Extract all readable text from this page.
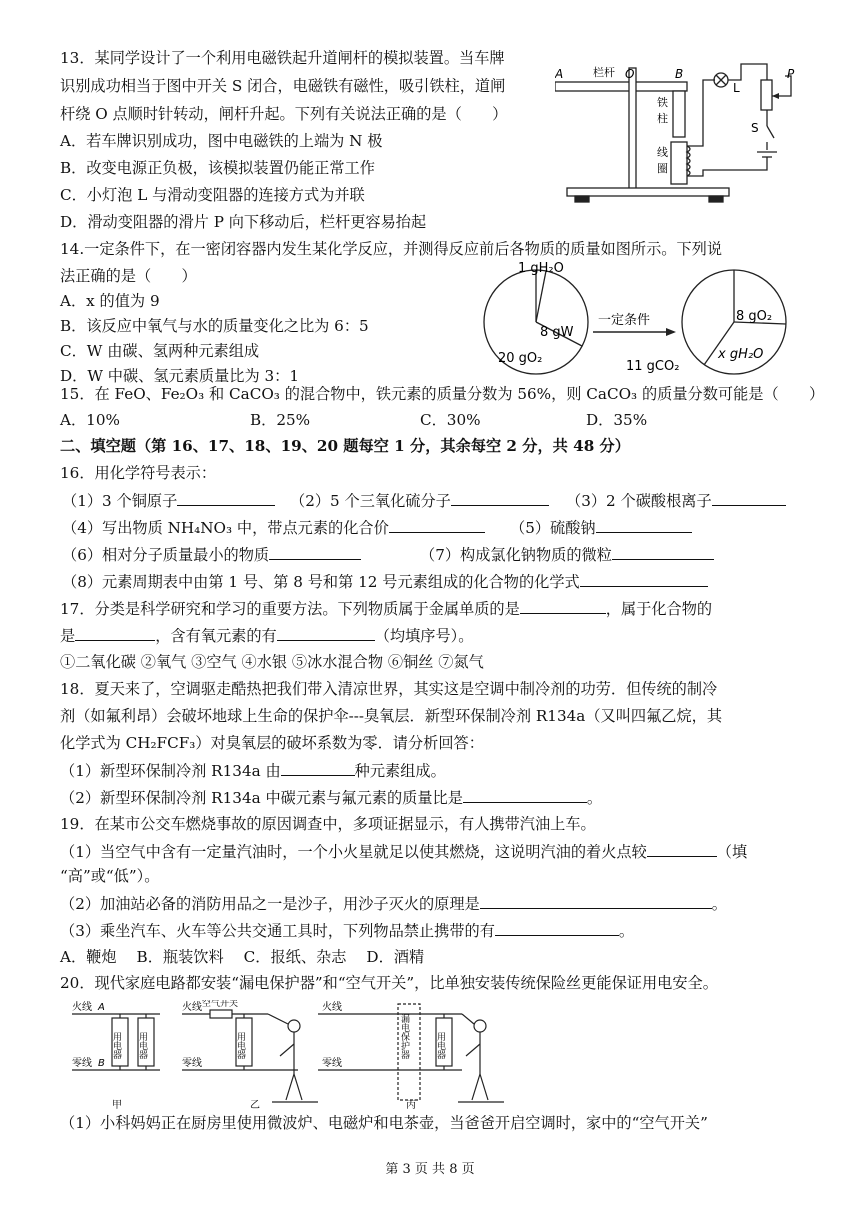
13．某同学设计了一个利用电磁铁起升道闸杆的模拟装置。当车牌
识别成功相当于图中开关 S 闭合，电磁铁有磁性，吸引铁柱，道闸
杆绕 O 点顺时针转动，闸杆升起。下列有关说法正确的是（　　）
A．若车牌识别成功，图中电磁铁的上端为 N 极
B．改变电源正负极，该模拟装置仍能正常工作
C．小灯泡 L 与滑动变阻器的连接方式为并联
D．滑动变阻器的滑片 P 向下移动后，栏杆更容易抬起
A	O	B
L
P
S
栏杆
铁
柱
线
圈
14.一定条件下，在一密闭容器内发生某化学反应，并测得反应前后各物质的质量如图所示。下列说
法正确的是（　　）
A．x 的值为 9
B．该反应中氧气与水的质量变化之比为 6：5
C．W 由碳、氢两种元素组成
D．W 中碳、氢元素质量比为 3：1
1 gH₂O
8 gW
20 gO₂
一定条件	8 gO₂
11 gCO₂
x gH₂O
15．在 FeO、Fe₂O₃ 和 CaCO₃ 的混合物中，铁元素的质量分数为 56%，则 CaCO₃ 的质量分数可能是（　　）
A．10%	B．25%	C．30%	D．35%
二、填空题（第 16、17、18、19、20 题每空 1 分，其余每空 2 分，共 48 分）
16．用化学符号表示：
（1）3 个铜原子	（2）5 个三氧化硫分子	（3）2 个碳酸根离子
（4）写出物质 NH₄NO₃ 中，带点元素的化合价	（5）硫酸钠
（6）相对分子质量最小的物质	（7）构成氯化钠物质的微粒
（8）元素周期表中由第 1 号、第 8 号和第 12 号元素组成的化合物的化学式
17．分类是科学研究和学习的重要方法。下列物质属于金属单质的是	，属于化合物的
是	，含有氧元素的有	（均填序号）。
①二氧化碳 ②氧气 ③空气 ④水银 ⑤冰水混合物 ⑥铜丝 ⑦氮气
18．夏天来了，空调驱走酷热把我们带入清凉世界，其实这是空调中制冷剂的功劳．但传统的制冷
剂（如氟利昂）会破坏地球上生命的保护伞---臭氧层．新型环保制冷剂 R134a（又叫四氟乙烷，其
化学式为 CH₂FCF₃）对臭氧层的破坏系数为零．请分析回答：
（1）新型环保制冷剂 R134a 由	种元素组成。
（2）新型环保制冷剂 R134a 中碳元素与氟元素的质量比是	。
19．在某市公交车燃烧事故的原因调查中，多项证据显示，有人携带汽油上车。
（1）当空气中含有一定量汽油时，一个小火星就足以使其燃烧，这说明汽油的着火点较	（填
“高”或“低”）。
（2）加油站必备的消防用品之一是沙子，用沙子灭火的原理是	。
（3）乘坐汽车、火车等公共交通工具时，下列物品禁止携带的有	。
A．鞭炮　 B．瓶装饮料　 C．报纸、杂志　 D．酒精
20．现代家庭电路都安装“漏电保护器”和“空气开关”，比单独安装传统保险丝更能保证用电安全。
火线
零线
A
B
用电器 用电器
火线 空气开关
零线
用电器
火线
零线
漏电保护器	用电器
甲	乙	丙
（1）小科妈妈正在厨房里使用微波炉、电磁炉和电茶壶，当爸爸开启空调时，家中的“空气开关”
第 3 页 共 8 页
